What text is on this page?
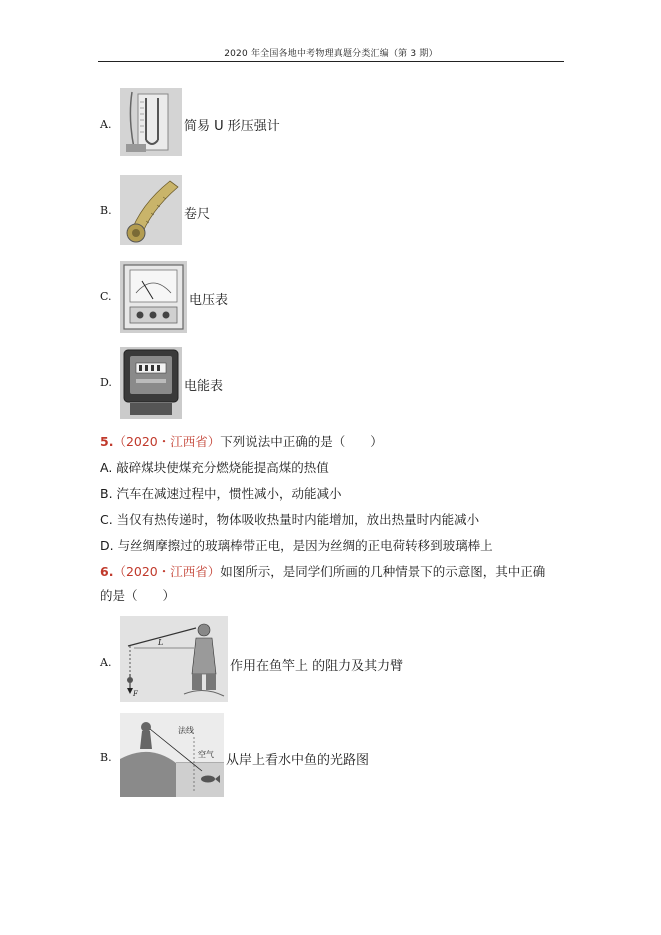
2020 年全国各地中考物理真题分类汇编（第 3 期）
A.	简易 U 形压强计
B.	卷尺
C.	电压表
D.	电能表
5.（2020・江西省）下列说法中正确的是（　　）
A. 敲碎煤块使煤充分燃烧能提高煤的热值
B. 汽车在减速过程中，惯性减小，动能减小
C. 当仅有热传递时，物体吸收热量时内能增加，放出热量时内能减小
D. 与丝绸摩擦过的玻璃棒带正电，是因为丝绸的正电荷转移到玻璃棒上
6.（2020・江西省）如图所示，是同学们所画的几种情景下的示意图，其中正确
的是（　　）
A.
L
F
作用在鱼竿上 的阻力及其力臂
B.
法线
空气 从岸上看水中鱼的光路图
